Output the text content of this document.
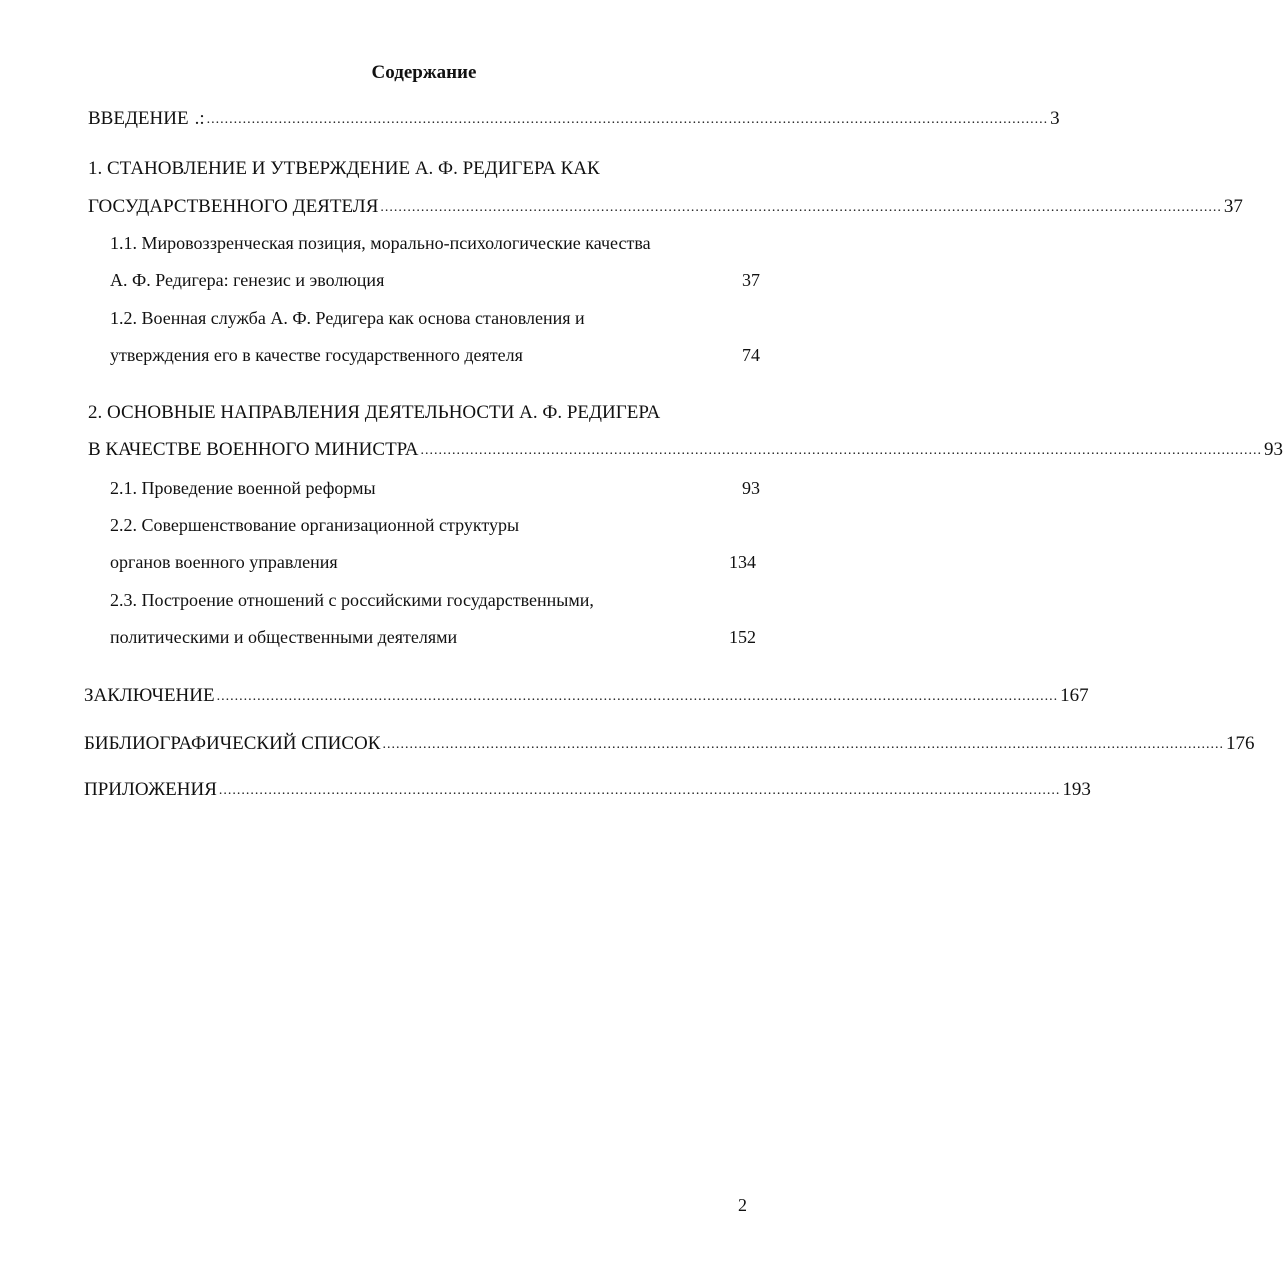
Содержание
ВВЕДЕНИЕ .: ........................................................................................................................................................................................... 3
1. СТАНОВЛЕНИЕ И УТВЕРЖДЕНИЕ А. Ф. РЕДИГЕРА КАК
ГОСУДАРСТВЕННОГО ДЕЯТЕЛЯ ........................................................................................................................................................................................... 37
1.1. Мировоззренческая позиция, морально-психологические качества
А. Ф. Редигера: генезис и эволюция	37
1.2. Военная служба А. Ф. Редигера как основа становления и
утверждения его в качестве государственного деятеля	74
2. ОСНОВНЫЕ НАПРАВЛЕНИЯ ДЕЯТЕЛЬНОСТИ А. Ф. РЕДИГЕРА
В КАЧЕСТВЕ ВОЕННОГО МИНИСТРА ........................................................................................................................................................................................... 93
2.1. Проведение военной реформы	93
2.2. Совершенствование организационной структуры
органов военного управления	134
2.3. Построение отношений с российскими государственными,
политическими и общественными деятелями	152
ЗАКЛЮЧЕНИЕ ........................................................................................................................................................................................... 167
БИБЛИОГРАФИЧЕСКИЙ СПИСОК ........................................................................................................................................................................................... 176
ПРИЛОЖЕНИЯ ........................................................................................................................................................................................... 193
2
